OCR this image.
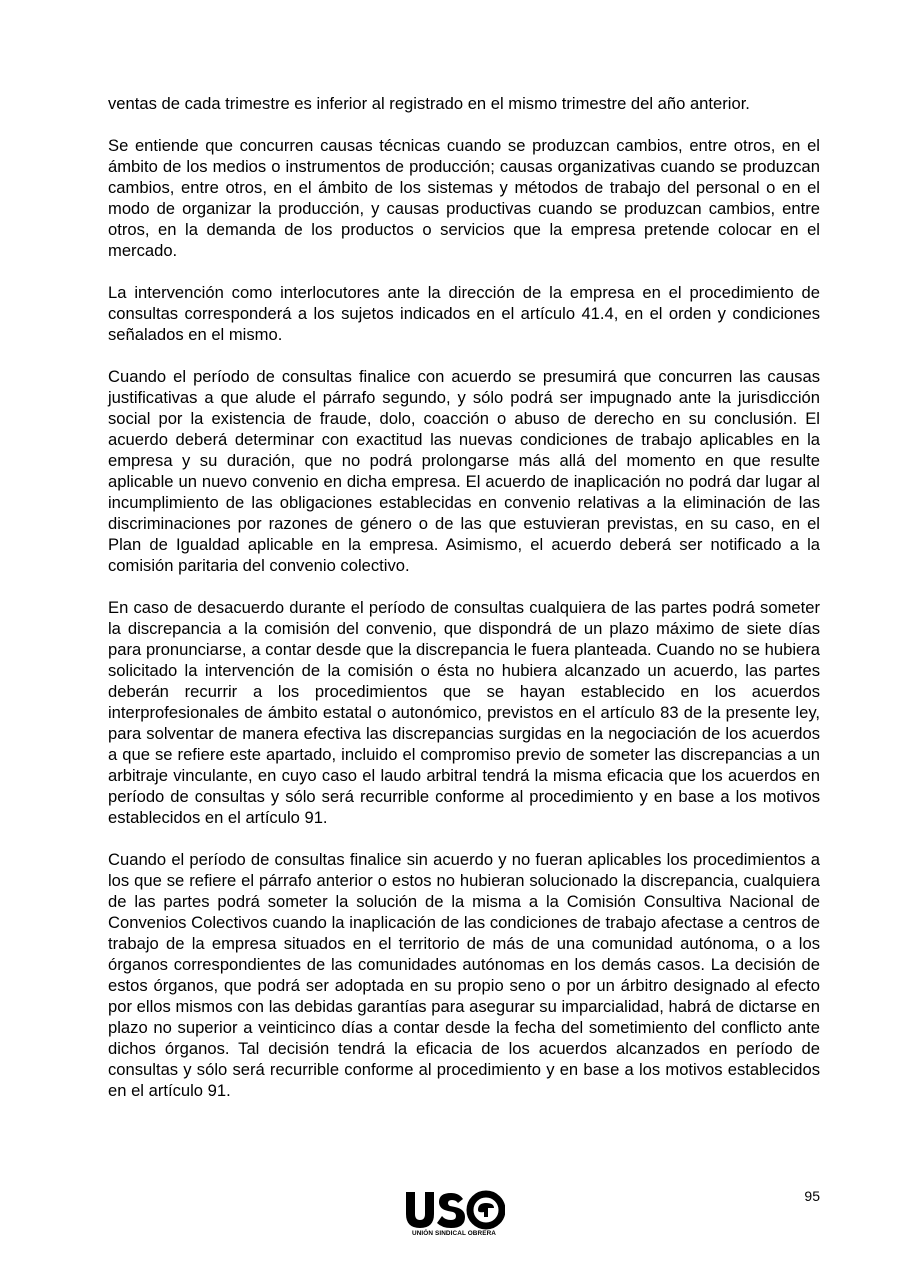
ventas de cada trimestre es inferior al registrado en el mismo trimestre del año anterior.

Se entiende que concurren causas técnicas cuando se produzcan cambios, entre otros, en el ámbito de los medios o instrumentos de producción; causas organizativas cuando se produzcan cambios, entre otros, en el ámbito de los sistemas y métodos de trabajo del personal o en el modo de organizar la producción, y causas productivas cuando se produzcan cambios, entre otros, en la demanda de los productos o servicios que la empresa pretende colocar en el mercado.

La intervención como interlocutores ante la dirección de la empresa en el procedimiento de consultas corresponderá a los sujetos indicados en el artículo 41.4, en el orden y condiciones señalados en el mismo.

Cuando el período de consultas finalice con acuerdo se presumirá que concurren las causas justificativas a que alude el párrafo segundo, y sólo podrá ser impugnado ante la jurisdicción social por la existencia de fraude, dolo, coacción o abuso de derecho en su conclusión. El acuerdo deberá determinar con exactitud las nuevas condiciones de trabajo aplicables en la empresa y su duración, que no podrá prolongarse más allá del momento en que resulte aplicable un nuevo convenio en dicha empresa. El acuerdo de inaplicación no podrá dar lugar al incumplimiento de las obligaciones establecidas en convenio relativas a la eliminación de las discriminaciones por razones de género o de las que estuvieran previstas, en su caso, en el Plan de Igualdad aplicable en la empresa. Asimismo, el acuerdo deberá ser notificado a la comisión paritaria del convenio colectivo.

En caso de desacuerdo durante el período de consultas cualquiera de las partes podrá someter la discrepancia a la comisión del convenio, que dispondrá de un plazo máximo de siete días para pronunciarse, a contar desde que la discrepancia le fuera planteada. Cuando no se hubiera solicitado la intervención de la comisión o ésta no hubiera alcanzado un acuerdo, las partes deberán recurrir a los procedimientos que se hayan establecido en los acuerdos interprofesionales de ámbito estatal o autonómico, previstos en el artículo 83 de la presente ley, para solventar de manera efectiva las discrepancias surgidas en la negociación de los acuerdos a que se refiere este apartado, incluido el compromiso previo de someter las discrepancias a un arbitraje vinculante, en cuyo caso el laudo arbitral tendrá la misma eficacia que los acuerdos en período de consultas y sólo será recurrible conforme al procedimiento y en base a los motivos establecidos en el artículo 91.

Cuando el período de consultas finalice sin acuerdo y no fueran aplicables los procedimientos a los que se refiere el párrafo anterior o estos no hubieran solucionado la discrepancia, cualquiera de las partes podrá someter la solución de la misma a la Comisión Consultiva Nacional de Convenios Colectivos cuando la inaplicación de las condiciones de trabajo afectase a centros de trabajo de la empresa situados en el territorio de más de una comunidad autónoma, o a los órganos correspondientes de las comunidades autónomas en los demás casos. La decisión de estos órganos, que podrá ser adoptada en su propio seno o por un árbitro designado al efecto por ellos mismos con las debidas garantías para asegurar su imparcialidad, habrá de dictarse en plazo no superior a veinticinco días a contar desde la fecha del sometimiento del conflicto ante dichos órganos. Tal decisión tendrá la eficacia de los acuerdos alcanzados en período de consultas y sólo será recurrible conforme al procedimiento y en base a los motivos establecidos en el artículo 91.

95
UNIÓN SINDICAL OBRERA
